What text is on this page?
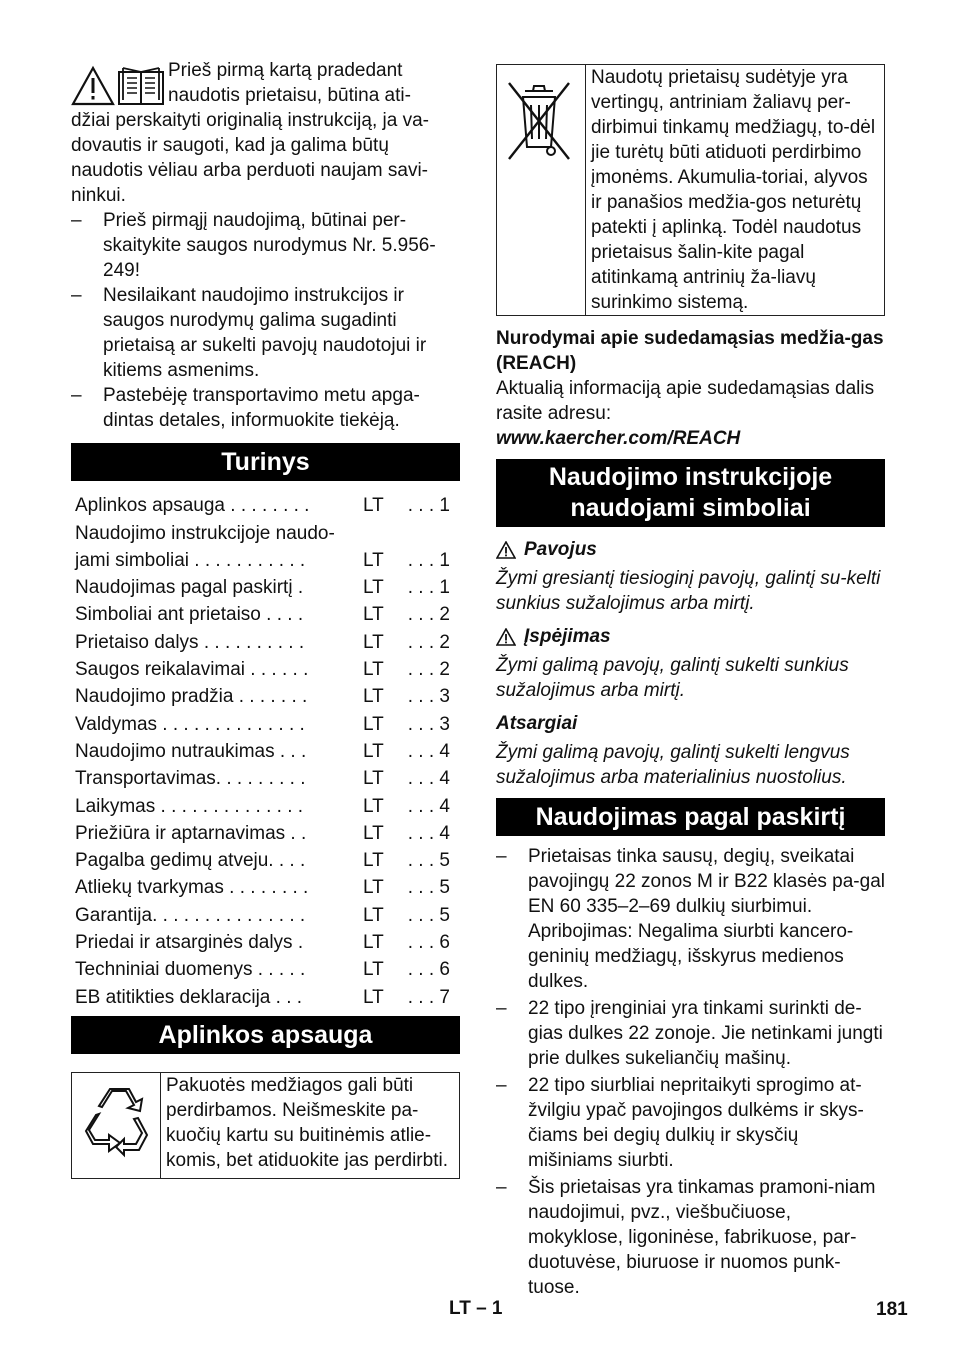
Prieš pirmą kartą pradedant
naudotis prietaisu, būtina ati-
džiai perskaityti originalią instrukciją, ja va-dovautis ir saugoti, kad ja galima būtų naudotis vėliau arba perduoti naujam savi-ninkui.

– Prieš pirmąjį naudojimą, būtinai per-skaitykite saugos nurodymus Nr. 5.956-249!
– Nesilaikant naudojimo instrukcijos ir saugos nurodymų galima sugadinti prietaisą ar sukelti pavojų naudotojui ir kitiems asmenims.
– Pastebėję transportavimo metu apga-dintas detales, informuokite tiekėją.
Turinys
Aplinkos apsauga . . . . . . . .	LT	. . . 1
Naudojimo instrukcijoje naudo-		
jami simboliai . . . . . . . . . . .	LT	. . . 1
Naudojimas pagal paskirtį .	LT	. . . 1
Simboliai ant prietaiso . . . .	LT	. . . 2
Prietaiso dalys . . . . . . . . . .	LT	. . . 2
Saugos reikalavimai . . . . . .	LT	. . . 2
Naudojimo pradžia . . . . . . .	LT	. . . 3
Valdymas . . . . . . . . . . . . . .	LT	. . . 3
Naudojimo nutraukimas . . .	LT	. . . 4
Transportavimas. . . . . . . . .	LT	. . . 4
Laikymas . . . . . . . . . . . . . .	LT	. . . 4
Priežiūra ir aptarnavimas . .	LT	. . . 4
Pagalba gedimų atveju. . . .	LT	. . . 5
Atliekų tvarkymas . . . . . . . .	LT	. . . 5
Garantija. . . . . . . . . . . . . . .	LT	. . . 5
Priedai ir atsarginės dalys .	LT	. . . 6
Techniniai duomenys . . . . .	LT	. . . 6
EB atitikties deklaracija . . .	LT	. . . 7
Aplinkos apsauga
	Pakuotės medžiagos gali būti perdirbamos. Neišmeskite pa-kuočių kartu su buitinėmis atlie-komis, bet atiduokite jas perdirbti.
	Naudotų prietaisų sudėtyje yra vertingų, antriniam žaliavų per-dirbimui tinkamų medžiagų, to-dėl jie turėtų būti atiduoti perdirbimo įmonėms. Akumulia-toriai, alyvos ir panašios medžia-gos neturėtų patekti į aplinką. Todėl naudotus prietaisus šalin-kite pagal atitinkamą antrinių ža-liavų surinkimo sistemą.
Nurodymai apie sudedamąsias medžia-gas (REACH)
Aktualią informaciją apie sudedamąsias dalis rasite adresu:
www.kaercher.com/REACH
Naudojimo instrukcijoje naudojami simboliai
Pavojus
Žymi gresiantį tiesioginį pavojų, galintį su-kelti sunkius sužalojimus arba mirtį.
Įspėjimas
Žymi galimą pavojų, galintį sukelti sunkius sužalojimus arba mirtį.
Atsargiai
Žymi galimą pavojų, galintį sukelti lengvus sužalojimus arba materialinius nuostolius.
Naudojimas pagal paskirtį
– Prietaisas tinka sausų, degių, sveikatai pavojingų 22 zonos M ir B22 klasės pa-gal EN 60 335–2–69 dulkių siurbimui. Apribojimas: Negalima siurbti kancero-geninių medžiagų, išskyrus medienos dulkes.
– 22 tipo įrenginiai yra tinkami surinkti de-gias dulkes 22 zonoje. Jie netinkami jungti prie dulkes sukeliančių mašinų.
– 22 tipo siurbliai nepritaikyti sprogimo at-žvilgiu ypač pavojingos dulkėms ir skys-čiams bei degių dulkių ir skysčių mišiniams siurbti.
– Šis prietaisas yra tinkamas pramoni-niam naudojimui, pvz., viešbučiuose, mokyklose, ligoninėse, fabrikuose, par-duotuvėse, biuruose ir nuomos punk-tuose.
LT – 1	181
